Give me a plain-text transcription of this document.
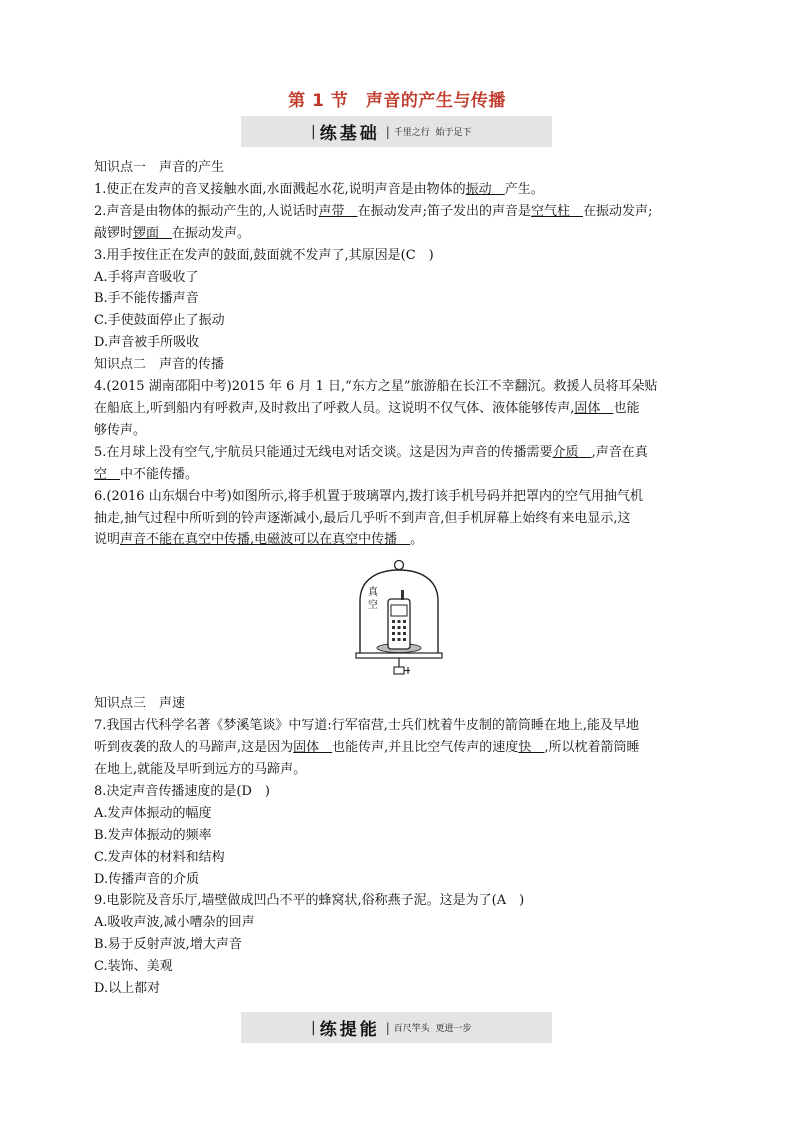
第 1 节　声音的产生与传播
| 练基础 | 千里之行  始于足下

知识点一　声音的产生

1.使正在发声的音叉接触水面,水面溅起水花,说明声音是由物体的振动　 产生。

2.声音是由物体的振动产生的,人说话时声带　 在振动发声;笛子发出的声音是空气柱　 在振动发声;

敲锣时锣面　 在振动发声。

3.用手按住正在发声的鼓面,鼓面就不发声了,其原因是(C　)

A.手将声音吸收了

B.手不能传播声音

C.手使鼓面停止了振动

D.声音被手所吸收

知识点二　声音的传播

4.(2015 湖南邵阳中考)2015 年 6 月 1 日,“东方之星”旅游船在长江不幸翻沉。救援人员将耳朵贴

在船底上,听到船内有呼救声,及时救出了呼救人员。这说明不仅气体、液体能够传声,固体　 也能

够传声。

5.在月球上没有空气,宇航员只能通过无线电对话交谈。这是因为声音的传播需要介质　 ,声音在真

空　 中不能传播。

6.(2016 山东烟台中考)如图所示,将手机置于玻璃罩内,拨打该手机号码并把罩内的空气用抽气机

抽走,抽气过程中所听到的铃声逐渐减小,最后几乎听不到声音,但手机屏幕上始终有来电显示,这

说明声音不能在真空中传播,电磁波可以在真空中传播　 。

真
空

知识点三　声速

7.我国古代科学名著《梦溪笔谈》中写道:行军宿营,士兵们枕着牛皮制的箭筒睡在地上,能及早地

听到夜袭的敌人的马蹄声,这是因为固体　 也能传声,并且比空气传声的速度快　 ,所以枕着箭筒睡

在地上,就能及早听到远方的马蹄声。

8.决定声音传播速度的是(D　)

A.发声体振动的幅度

B.发声体振动的频率

C.发声体的材料和结构

D.传播声音的介质

9.电影院及音乐厅,墙壁做成凹凸不平的蜂窝状,俗称燕子泥。这是为了(A　)

A.吸收声波,减小嘈杂的回声

B.易于反射声波,增大声音

C.装饰、美观

D.以上都对

| 练提能 | 百尺竿头  更进一步
